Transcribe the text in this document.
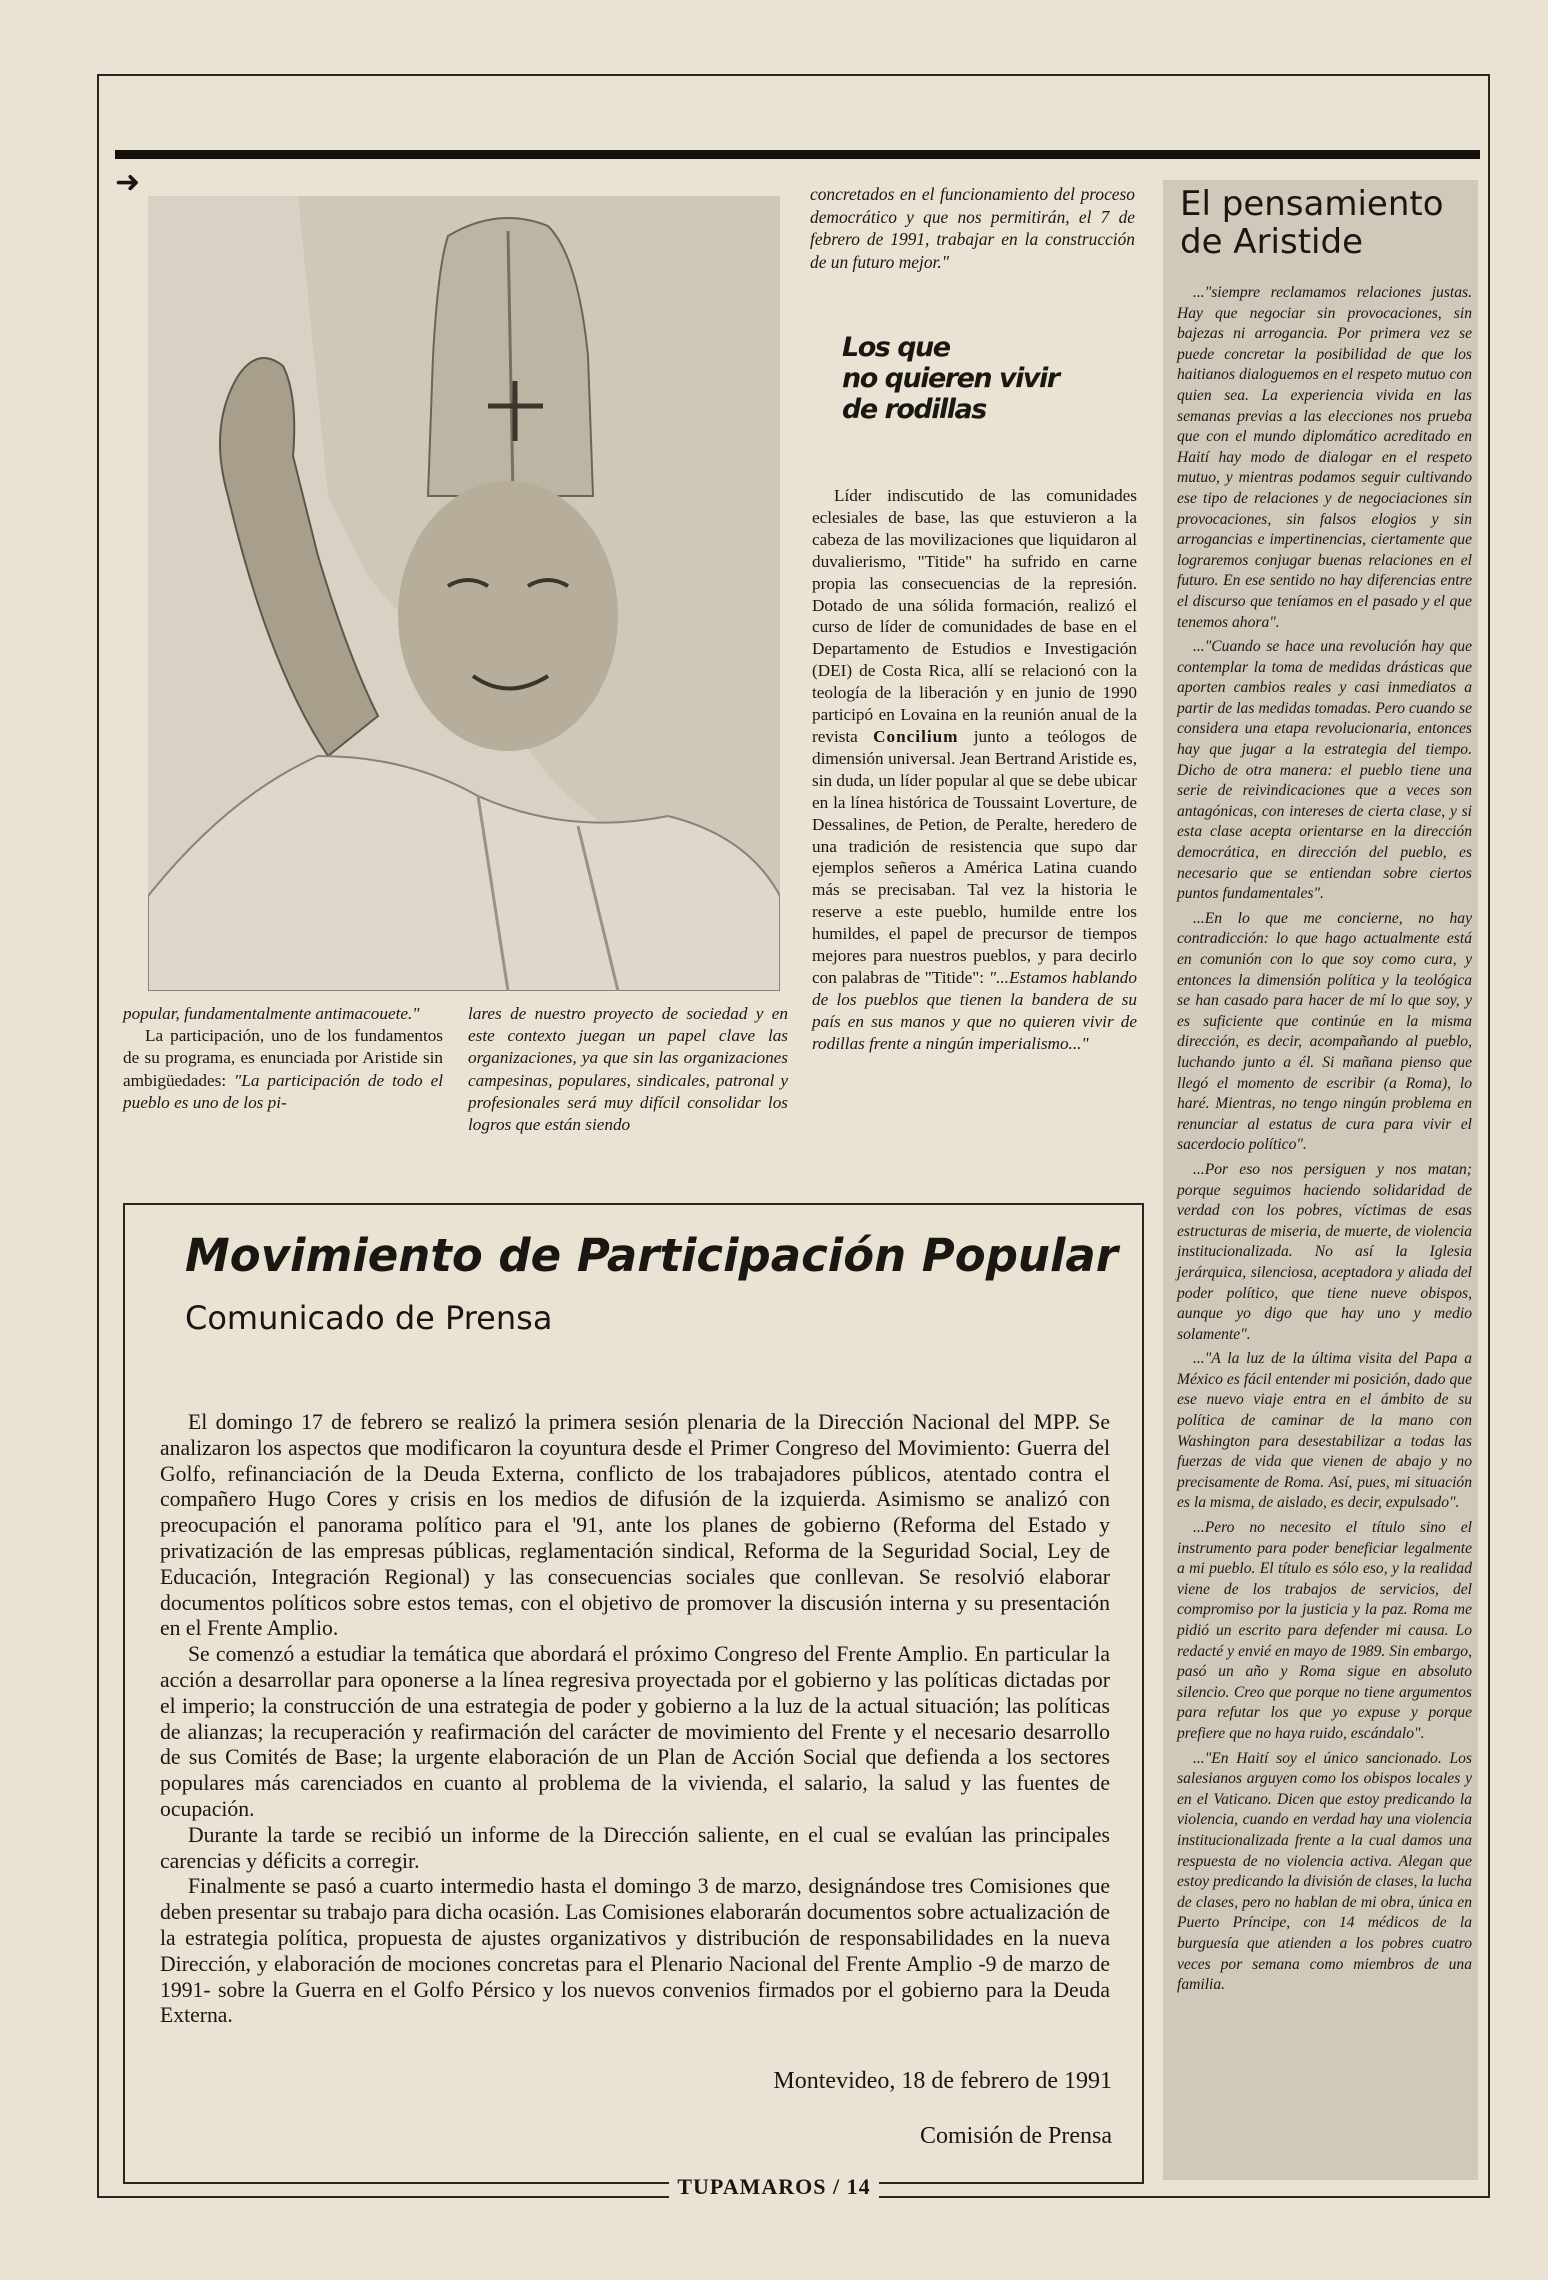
➜

popular, fundamentalmente antimacouete."

La participación, uno de los fundamentos de su programa, es enunciada por Aristide sin ambigüedades: "La participación de todo el pueblo es uno de los pi-

lares de nuestro proyecto de sociedad y en este contexto juegan un papel clave las organizaciones, ya que sin las organizaciones campesinas, populares, sindicales, patronal y profesionales será muy difícil consolidar los logros que están siendo

concretados en el funcionamiento del proceso democrático y que nos permitirán, el 7 de febrero de 1991, trabajar en la construcción de un futuro mejor."
Los que
no quieren vivir
de rodillas

Líder indiscutido de las comunidades eclesiales de base, las que estuvieron a la cabeza de las movilizaciones que liquidaron al duvalierismo, "Titide" ha sufrido en carne propia las consecuencias de la represión. Dotado de una sólida formación, realizó el curso de líder de comunidades de base en el Departamento de Estudios e Investigación (DEI) de Costa Rica, allí se relacionó con la teología de la liberación y en junio de 1990 participó en Lovaina en la reunión anual de la revista Concilium junto a teólogos de dimensión universal. Jean Bertrand Aristide es, sin duda, un líder popular al que se debe ubicar en la línea histórica de Toussaint Loverture, de Dessalines, de Petion, de Peralte, heredero de una tradición de resistencia que supo dar ejemplos señeros a América Latina cuando más se precisaban. Tal vez la historia le reserve a este pueblo, humilde entre los humildes, el papel de precursor de tiempos mejores para nuestros pueblos, y para decirlo con palabras de "Titide": "...Estamos hablando de los pueblos que tienen la bandera de su país en sus manos y que no quieren vivir de rodillas frente a ningún imperialismo..."

El pensamiento
de Aristide

..."siempre reclamamos relaciones justas. Hay que negociar sin provocaciones, sin bajezas ni arrogancia. Por primera vez se puede concretar la posibilidad de que los haitianos dialoguemos en el respeto mutuo con quien sea. La experiencia vivida en las semanas previas a las elecciones nos prueba que con el mundo diplomático acreditado en Haití hay modo de dialogar en el respeto mutuo, y mientras podamos seguir cultivando ese tipo de relaciones y de negociaciones sin provocaciones, sin falsos elogios y sin arrogancias e impertinencias, ciertamente que lograremos conjugar buenas relaciones en el futuro. En ese sentido no hay diferencias entre el discurso que teníamos en el pasado y el que tenemos ahora".

..."Cuando se hace una revolución hay que contemplar la toma de medidas drásticas que aporten cambios reales y casi inmediatos a partir de las medidas tomadas. Pero cuando se considera una etapa revolucionaria, entonces hay que jugar a la estrategia del tiempo. Dicho de otra manera: el pueblo tiene una serie de reivindicaciones que a veces son antagónicas, con intereses de cierta clase, y si esta clase acepta orientarse en la dirección democrática, en dirección del pueblo, es necesario que se entiendan sobre ciertos puntos fundamentales".

...En lo que me concierne, no hay contradicción: lo que hago actualmente está en comunión con lo que soy como cura, y entonces la dimensión política y la teológica se han casado para hacer de mí lo que soy, y es suficiente que continúe en la misma dirección, es decir, acompañando al pueblo, luchando junto a él. Si mañana pienso que llegó el momento de escribir (a Roma), lo haré. Mientras, no tengo ningún problema en renunciar al estatus de cura para vivir el sacerdocio político".

...Por eso nos persiguen y nos matan; porque seguimos haciendo solidaridad de verdad con los pobres, víctimas de esas estructuras de miseria, de muerte, de violencia institucionalizada. No así la Iglesia jerárquica, silenciosa, aceptadora y aliada del poder político, que tiene nueve obispos, aunque yo digo que hay uno y medio solamente".

..."A la luz de la última visita del Papa a México es fácil entender mi posición, dado que ese nuevo viaje entra en el ámbito de su política de caminar de la mano con Washington para desestabilizar a todas las fuerzas de vida que vienen de abajo y no precisamente de Roma. Así, pues, mi situación es la misma, de aislado, es decir, expulsado".

...Pero no necesito el título sino el instrumento para poder beneficiar legalmente a mi pueblo. El título es sólo eso, y la realidad viene de los trabajos de servicios, del compromiso por la justicia y la paz. Roma me pidió un escrito para defender mi causa. Lo redacté y envié en mayo de 1989. Sin embargo, pasó un año y Roma sigue en absoluto silencio. Creo que porque no tiene argumentos para refutar los que yo expuse y porque prefiere que no haya ruido, escándalo".

..."En Haití soy el único sancionado. Los salesianos arguyen como los obispos locales y en el Vaticano. Dicen que estoy predicando la violencia, cuando en verdad hay una violencia institucionalizada frente a la cual damos una respuesta de no violencia activa. Alegan que estoy predicando la división de clases, la lucha de clases, pero no hablan de mi obra, única en Puerto Príncipe, con 14 médicos de la burguesía que atienden a los pobres cuatro veces por semana como miembros de una familia.

Movimiento de Participación Popular
Comunicado de Prensa

El domingo 17 de febrero se realizó la primera sesión plenaria de la Dirección Nacional del MPP. Se analizaron los aspectos que modificaron la coyuntura desde el Primer Congreso del Movimiento: Guerra del Golfo, refinanciación de la Deuda Externa, conflicto de los trabajadores públicos, atentado contra el compañero Hugo Cores y crisis en los medios de difusión de la izquierda. Asimismo se analizó con preocupación el panorama político para el '91, ante los planes de gobierno (Reforma del Estado y privatización de las empresas públicas, reglamentación sindical, Reforma de la Seguridad Social, Ley de Educación, Integración Regional) y las consecuencias sociales que conllevan. Se resolvió elaborar documentos políticos sobre estos temas, con el objetivo de promover la discusión interna y su presentación en el Frente Amplio.

Se comenzó a estudiar la temática que abordará el próximo Congreso del Frente Amplio. En particular la acción a desarrollar para oponerse a la línea regresiva proyectada por el gobierno y las políticas dictadas por el imperio; la construcción de una estrategia de poder y gobierno a la luz de la actual situación; las políticas de alianzas; la recuperación y reafirmación del carácter de movimiento del Frente y el necesario desarrollo de sus Comités de Base; la urgente elaboración de un Plan de Acción Social que defienda a los sectores populares más carenciados en cuanto al problema de la vivienda, el salario, la salud y las fuentes de ocupación.

Durante la tarde se recibió un informe de la Dirección saliente, en el cual se evalúan las principales carencias y déficits a corregir.

Finalmente se pasó a cuarto intermedio hasta el domingo 3 de marzo, designándose tres Comisiones que deben presentar su trabajo para dicha ocasión. Las Comisiones elaborarán documentos sobre actualización de la estrategia política, propuesta de ajustes organizativos y distribución de responsabilidades en la nueva Dirección, y elaboración de mociones concretas para el Plenario Nacional del Frente Amplio -9 de marzo de 1991- sobre la Guerra en el Golfo Pérsico y los nuevos convenios firmados por el gobierno para la Deuda Externa.

Montevideo, 18 de febrero de 1991
Comisión de Prensa
TUPAMAROS / 14
